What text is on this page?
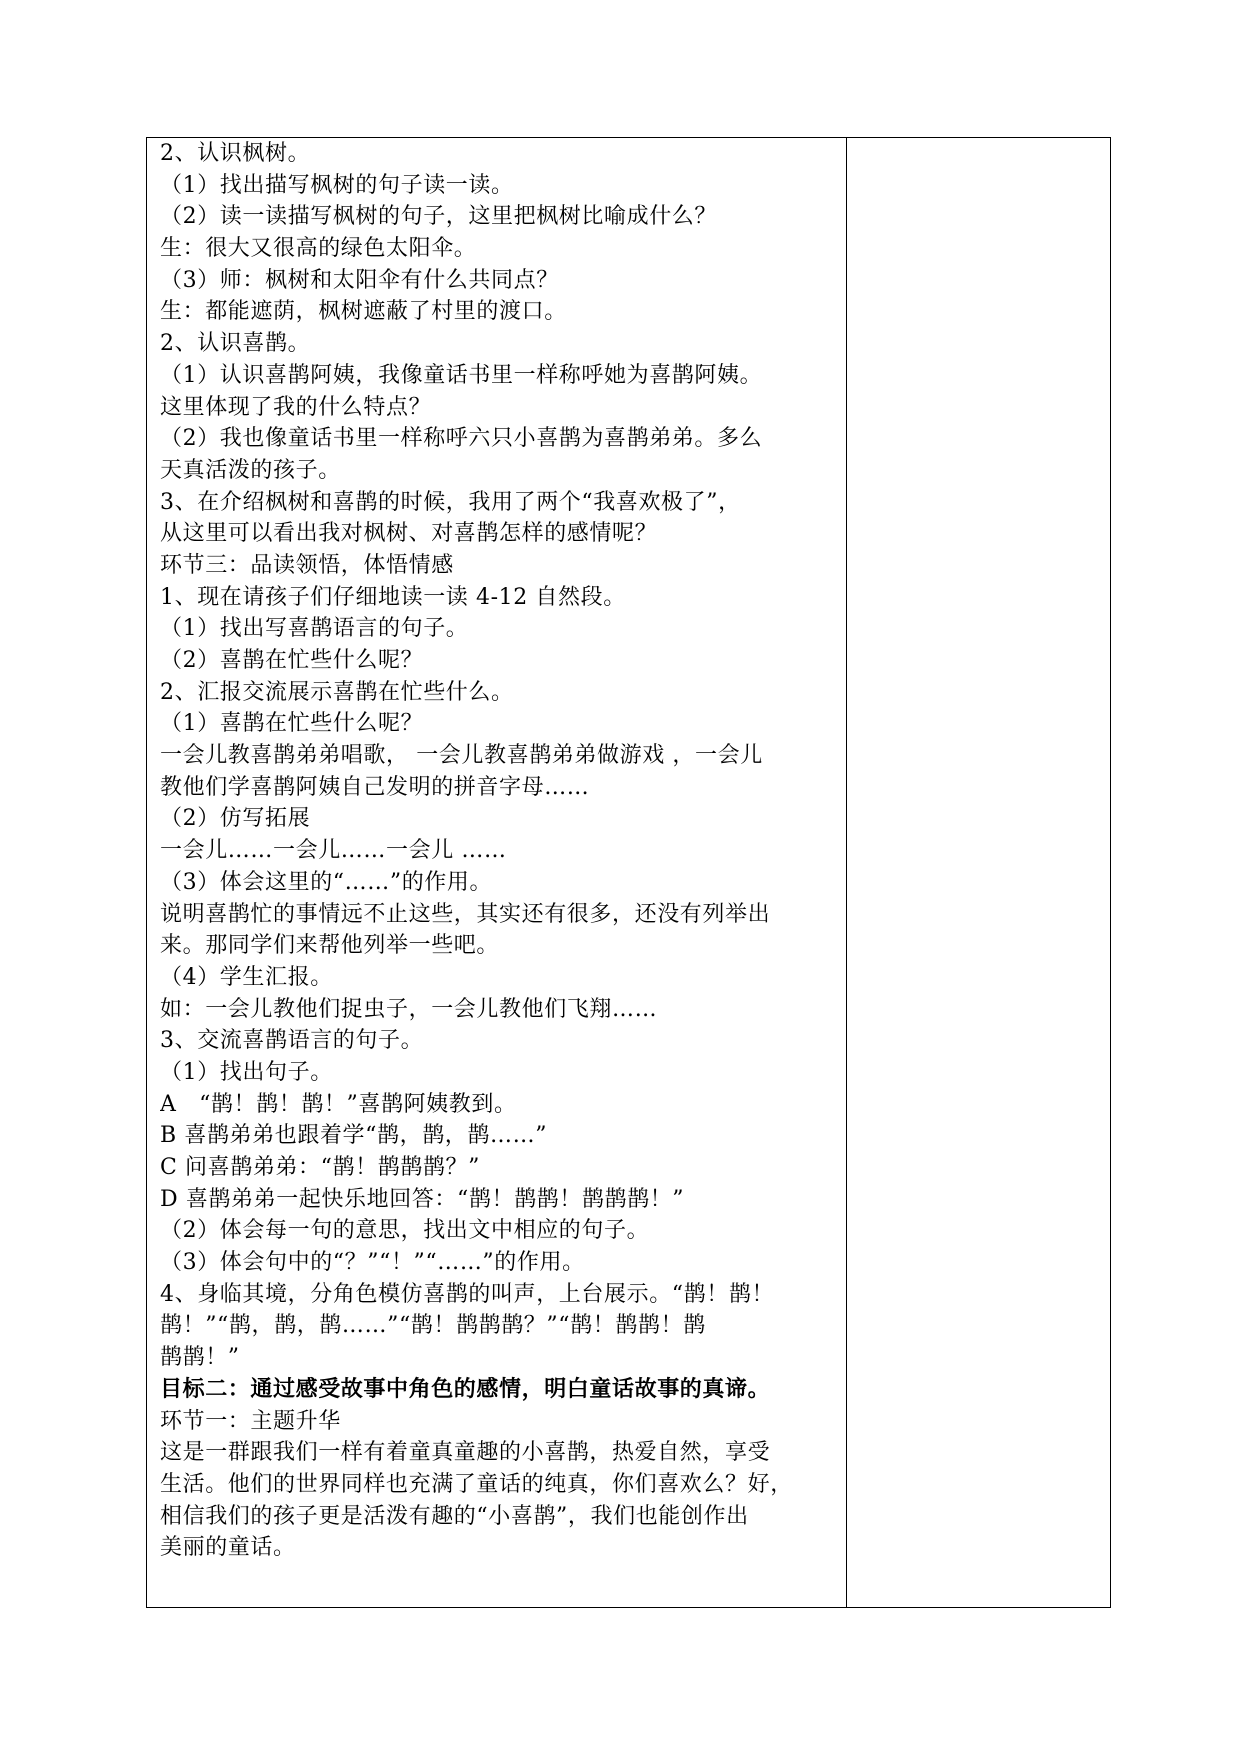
2、认识枫树。
（1）找出描写枫树的句子读一读。
（2）读一读描写枫树的句子，这里把枫树比喻成什么？
生：很大又很高的绿色太阳伞。
（3）师：枫树和太阳伞有什么共同点？
生：都能遮荫，枫树遮蔽了村里的渡口。
2、认识喜鹊。
（1）认识喜鹊阿姨，我像童话书里一样称呼她为喜鹊阿姨。
这里体现了我的什么特点？
（2）我也像童话书里一样称呼六只小喜鹊为喜鹊弟弟。多么
天真活泼的孩子。
3、在介绍枫树和喜鹊的时候，我用了两个“我喜欢极了”，
从这里可以看出我对枫树、对喜鹊怎样的感情呢？
环节三：品读领悟，体悟情感
1、现在请孩子们仔细地读一读 4-12 自然段。
（1）找出写喜鹊语言的句子。
（2）喜鹊在忙些什么呢？
2、汇报交流展示喜鹊在忙些什么。
（1）喜鹊在忙些什么呢？
一会儿教喜鹊弟弟唱歌， 一会儿教喜鹊弟弟做游戏 ，一会儿
教他们学喜鹊阿姨自己发明的拼音字母……
（2）仿写拓展
一会儿……一会儿……一会儿 ……
（3）体会这里的“……”的作用。
说明喜鹊忙的事情远不止这些，其实还有很多，还没有列举出
来。那同学们来帮他列举一些吧。
（4）学生汇报。
如：一会儿教他们捉虫子，一会儿教他们飞翔……
3、交流喜鹊语言的句子。
（1）找出句子。
A　“鹊！鹊！鹊！”喜鹊阿姨教到。
B 喜鹊弟弟也跟着学“鹊，鹊，鹊……”
C 问喜鹊弟弟：“鹊！鹊鹊鹊？”
D 喜鹊弟弟一起快乐地回答：“鹊！鹊鹊！鹊鹊鹊！”
（2）体会每一句的意思，找出文中相应的句子。
（3）体会句中的“？”“！”“……”的作用。
4、身临其境，分角色模仿喜鹊的叫声，上台展示。“鹊！鹊！
鹊！”“鹊，鹊，鹊……”“鹊！鹊鹊鹊？”“鹊！鹊鹊！鹊
鹊鹊！”
目标二：通过感受故事中角色的感情，明白童话故事的真谛。
环节一：主题升华
这是一群跟我们一样有着童真童趣的小喜鹊，热爱自然，享受
生活。他们的世界同样也充满了童话的纯真，你们喜欢么？好，
相信我们的孩子更是活泼有趣的“小喜鹊”，我们也能创作出
美丽的童话。
